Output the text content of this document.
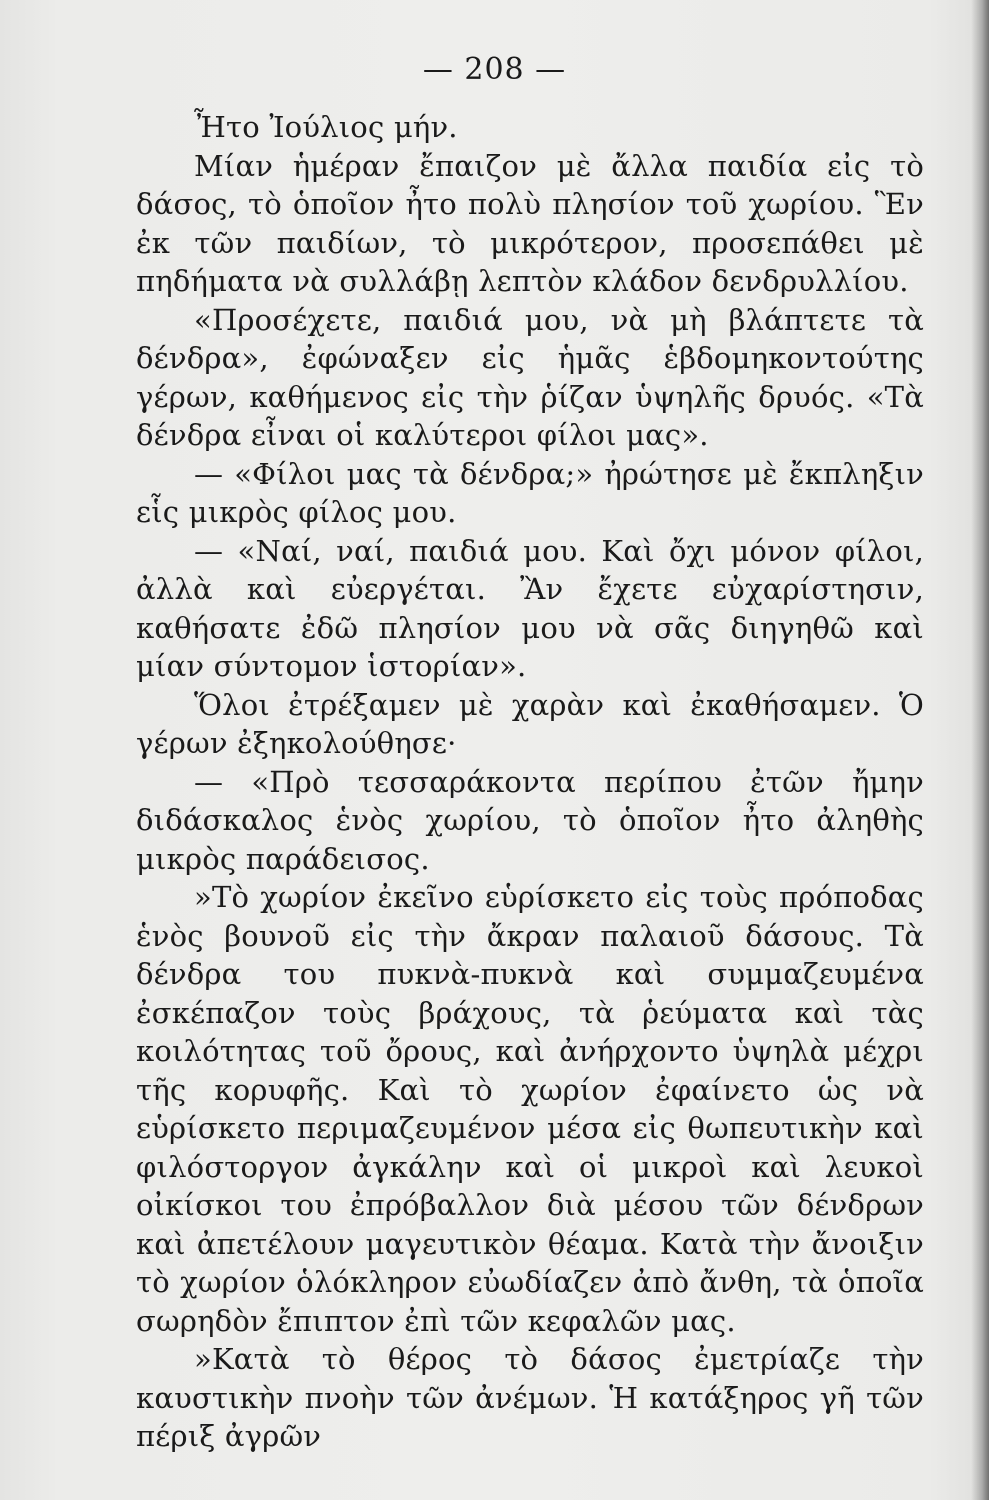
— 208 —

Ἦτο Ἰούλιος μήν.

Μίαν ἡμέραν ἔπαιζον μὲ ἄλλα παιδία εἰς τὸ δάσος, τὸ ὁποῖον ἦτο πολὺ πλησίον τοῦ χωρίου. Ἓν ἐκ τῶν παιδίων, τὸ μικρότερον, προσεπάθει μὲ πηδήματα νὰ συλλάβῃ λεπτὸν κλάδον δενδρυλλίου.

«Προσέχετε, παιδιά μου, νὰ μὴ βλάπτετε τὰ δένδρα», ἐφώναξεν εἰς ἡμᾶς ἑβδομηκοντούτης γέρων, καθήμενος εἰς τὴν ῥίζαν ὑψηλῆς δρυός. «Τὰ δένδρα εἶναι οἱ καλύτεροι φίλοι μας».

— «Φίλοι μας τὰ δένδρα;» ἠρώτησε μὲ ἔκπληξιν εἷς μικρὸς φίλος μου.

— «Ναί, ναί, παιδιά μου. Καὶ ὄχι μόνον φίλοι, ἀλλὰ καὶ εὐεργέται. Ἂν ἔχετε εὐχαρίστησιν, καθήσατε ἐδῶ πλησίον μου νὰ σᾶς διηγηθῶ καὶ μίαν σύντομον ἱστορίαν».

Ὅλοι ἐτρέξαμεν μὲ χαρὰν καὶ ἐκαθήσαμεν. Ὁ γέρων ἐξηκολούθησε·

— «Πρὸ τεσσαράκοντα περίπου ἐτῶν ἤμην διδάσκαλος ἑνὸς χωρίου, τὸ ὁποῖον ἦτο ἀληθὴς μικρὸς παράδεισος.

»Τὸ χωρίον ἐκεῖνο εὑρίσκετο εἰς τοὺς πρόποδας ἑνὸς βουνοῦ εἰς τὴν ἄκραν παλαιοῦ δάσους. Τὰ δένδρα του πυκνὰ-πυκνὰ καὶ συμμαζευμένα ἐσκέπαζον τοὺς βράχους, τὰ ῥεύματα καὶ τὰς κοιλότητας τοῦ ὄρους, καὶ ἀνήρχοντο ὑψηλὰ μέχρι τῆς κορυφῆς. Καὶ τὸ χωρίον ἐφαίνετο ὡς νὰ εὑρίσκετο περιμαζευμένον μέσα εἰς θωπευτικὴν καὶ φιλόστοργον ἀγκάλην καὶ οἱ μικροὶ καὶ λευκοὶ οἰκίσκοι του ἐπρόβαλλον διὰ μέσου τῶν δένδρων καὶ ἀπετέλουν μαγευτικὸν θέαμα. Κατὰ τὴν ἄνοιξιν τὸ χωρίον ὁλόκληρον εὐωδίαζεν ἀπὸ ἄνθη, τὰ ὁποῖα σωρηδὸν ἔπιπτον ἐπὶ τῶν κεφαλῶν μας.

»Κατὰ τὸ θέρος τὸ δάσος ἐμετρίαζε τὴν καυστικὴν πνοὴν τῶν ἀνέμων. Ἡ κατάξηρος γῆ τῶν πέριξ ἀγρῶν
